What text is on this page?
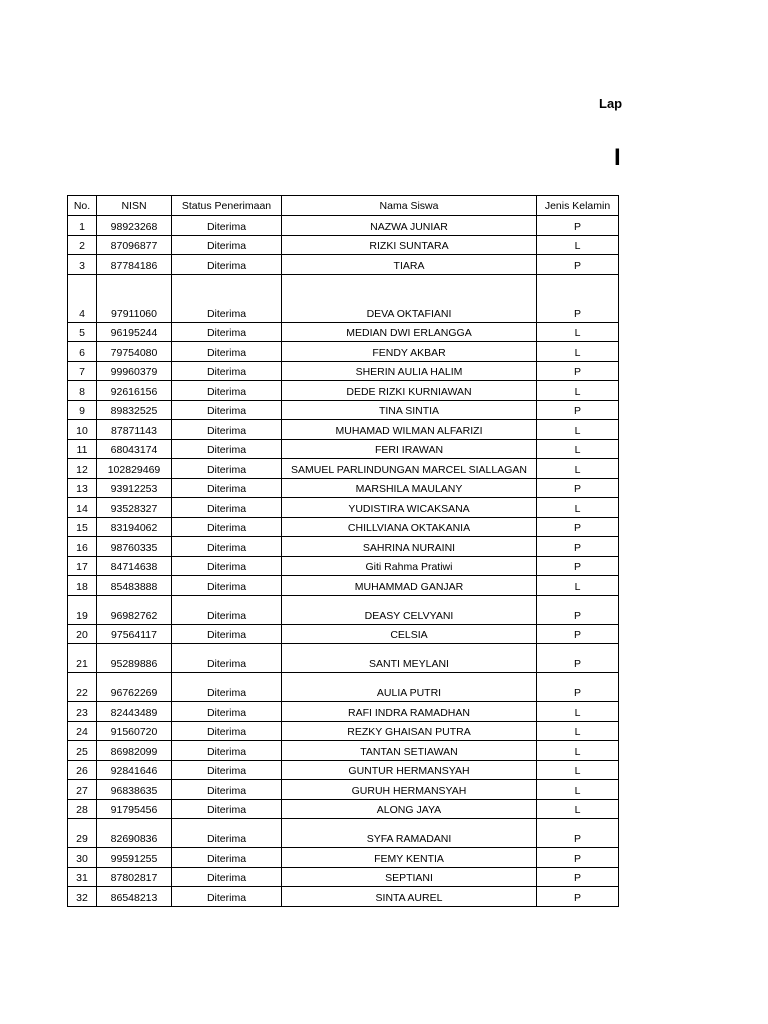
Lap
I
No.	NISN	Status Penerimaan	Nama Siswa	Jenis Kelamin
1	98923268	Diterima	NAZWA JUNIAR	P
2	87096877	Diterima	RIZKI SUNTARA	L
3	87784186	Diterima	TIARA	P
4	97911060	Diterima	DEVA OKTAFIANI	P
5	96195244	Diterima	MEDIAN DWI ERLANGGA	L
6	79754080	Diterima	FENDY AKBAR	L
7	99960379	Diterima	SHERIN AULIA HALIM	P
8	92616156	Diterima	DEDE RIZKI KURNIAWAN	L
9	89832525	Diterima	TINA SINTIA	P
10	87871143	Diterima	MUHAMAD WILMAN ALFARIZI	L
11	68043174	Diterima	FERI IRAWAN	L
12	102829469	Diterima	SAMUEL PARLINDUNGAN MARCEL SIALLAGAN	L
13	93912253	Diterima	MARSHILA MAULANY	P
14	93528327	Diterima	YUDISTIRA WICAKSANA	L
15	83194062	Diterima	CHILLVIANA OKTAKANIA	P
16	98760335	Diterima	SAHRINA NURAINI	P
17	84714638	Diterima	Giti Rahma Pratiwi	P
18	85483888	Diterima	MUHAMMAD GANJAR	L
19	96982762	Diterima	DEASY CELVYANI	P
20	97564117	Diterima	CELSIA	P
21	95289886	Diterima	SANTI MEYLANI	P
22	96762269	Diterima	AULIA PUTRI	P
23	82443489	Diterima	RAFI INDRA RAMADHAN	L
24	91560720	Diterima	REZKY GHAISAN PUTRA	L
25	86982099	Diterima	TANTAN SETIAWAN	L
26	92841646	Diterima	GUNTUR HERMANSYAH	L
27	96838635	Diterima	GURUH HERMANSYAH	L
28	91795456	Diterima	ALONG JAYA	L
29	82690836	Diterima	SYFA RAMADANI	P
30	99591255	Diterima	FEMY KENTIA	P
31	87802817	Diterima	SEPTIANI	P
32	86548213	Diterima	SINTA AUREL	P
